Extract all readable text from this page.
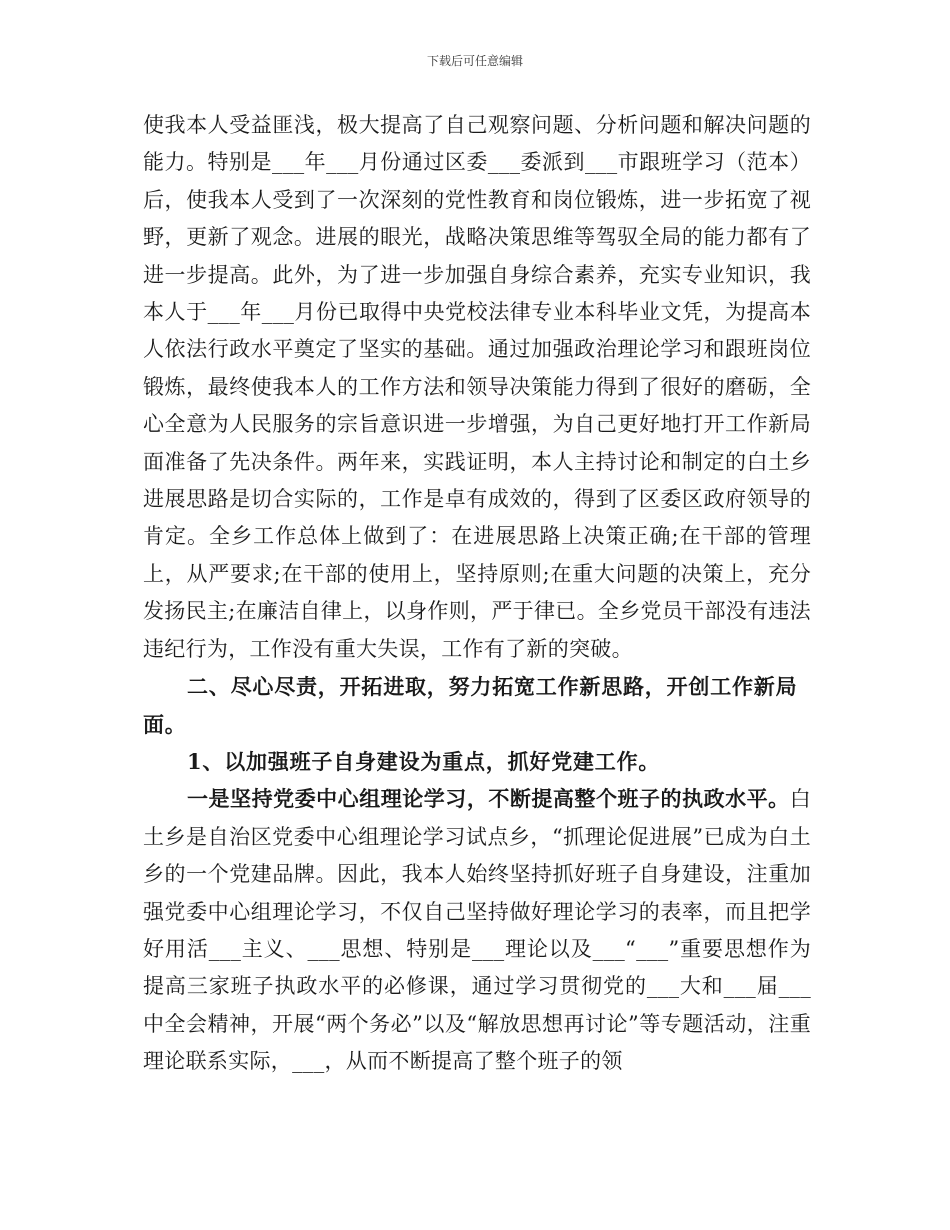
下载后可任意编辑

使我本人受益匪浅，极大提高了自己观察问题、分析问题和解决问题的能力。特别是___年___月份通过区委___委派到___市跟班学习（范本）后，使我本人受到了一次深刻的党性教育和岗位锻炼，进一步拓宽了视野，更新了观念。进展的眼光，战略决策思维等驾驭全局的能力都有了进一步提高。此外，为了进一步加强自身综合素养，充实专业知识，我本人于___年___月份已取得中央党校法律专业本科毕业文凭，为提高本人依法行政水平奠定了坚实的基础。通过加强政治理论学习和跟班岗位锻炼，最终使我本人的工作方法和领导决策能力得到了很好的磨砺，全心全意为人民服务的宗旨意识进一步增强，为自己更好地打开工作新局面准备了先决条件。两年来，实践证明，本人主持讨论和制定的白土乡进展思路是切合实际的，工作是卓有成效的，得到了区委区政府领导的肯定。全乡工作总体上做到了：在进展思路上决策正确;在干部的管理上，从严要求;在干部的使用上，坚持原则;在重大问题的决策上，充分发扬民主;在廉洁自律上，以身作则，严于律已。全乡党员干部没有违法违纪行为，工作没有重大失误，工作有了新的突破。

二、尽心尽责，开拓进取，努力拓宽工作新思路，开创工作新局面。

1、以加强班子自身建设为重点，抓好党建工作。

一是坚持党委中心组理论学习，不断提高整个班子的执政水平。白土乡是自治区党委中心组理论学习试点乡，“抓理论促进展”已成为白土乡的一个党建品牌。因此，我本人始终坚持抓好班子自身建设，注重加强党委中心组理论学习，不仅自己坚持做好理论学习的表率，而且把学好用活___主义、___思想、特别是___理论以及___“___”重要思想作为提高三家班子执政水平的必修课，通过学习贯彻党的___大和___届___中全会精神，开展“两个务必”以及“解放思想再讨论”等专题活动，注重理论联系实际，___，从而不断提高了整个班子的领
